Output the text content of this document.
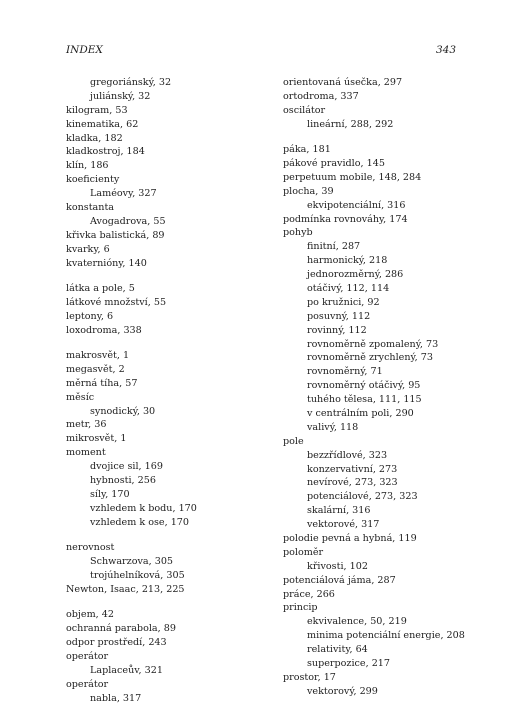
INDEX	343
gregoriánský, 32
juliánský, 32
kilogram, 53
kinematika, 62
kladka, 182
kladkostroj, 184
klín, 186
koeficienty
Laméovy, 327
konstanta
Avogadrova, 55
křivka balistická, 89
kvarky, 6
kvaternióny, 140
látka a pole, 5
látkové množství, 55
leptony, 6
loxodroma, 338
makrosvět, 1
megasvět, 2
měrná tíha, 57
měsíc
synodický, 30
metr, 36
mikrosvět, 1
moment
dvojice sil, 169
hybnosti, 256
síly, 170
vzhledem k bodu, 170
vzhledem k ose, 170
nerovnost
Schwarzova, 305
trojúhelníková, 305
Newton, Isaac, 213, 225
objem, 42
ochranná parabola, 89
odpor prostředí, 243
operátor
Laplaceův, 321
operátor
nabla, 317
orientovaná úsečka, 297
ortodroma, 337
oscilátor
lineární, 288, 292
páka, 181
pákové pravidlo, 145
perpetuum mobile, 148, 284
plocha, 39
ekvipotenciální, 316
podmínka rovnováhy, 174
pohyb
finitní, 287
harmonický, 218
jednorozměrný, 286
otáčivý, 112, 114
po kružnici, 92
posuvný, 112
rovinný, 112
rovnoměrně zpomalený, 73
rovnoměrně zrychlený, 73
rovnoměrný, 71
rovnoměrný otáčivý, 95
tuhého tělesa, 111, 115
v centrálním poli, 290
valivý, 118
pole
bezzřídlové, 323
konzervativní, 273
nevírové, 273, 323
potenciálové, 273, 323
skalární, 316
vektorové, 317
polodie pevná a hybná, 119
poloměr
křivosti, 102
potenciálová jáma, 287
práce, 266
princip
ekvivalence, 50, 219
minima potenciální energie, 208
relativity, 64
superpozice, 217
prostor, 17
vektorový, 299
